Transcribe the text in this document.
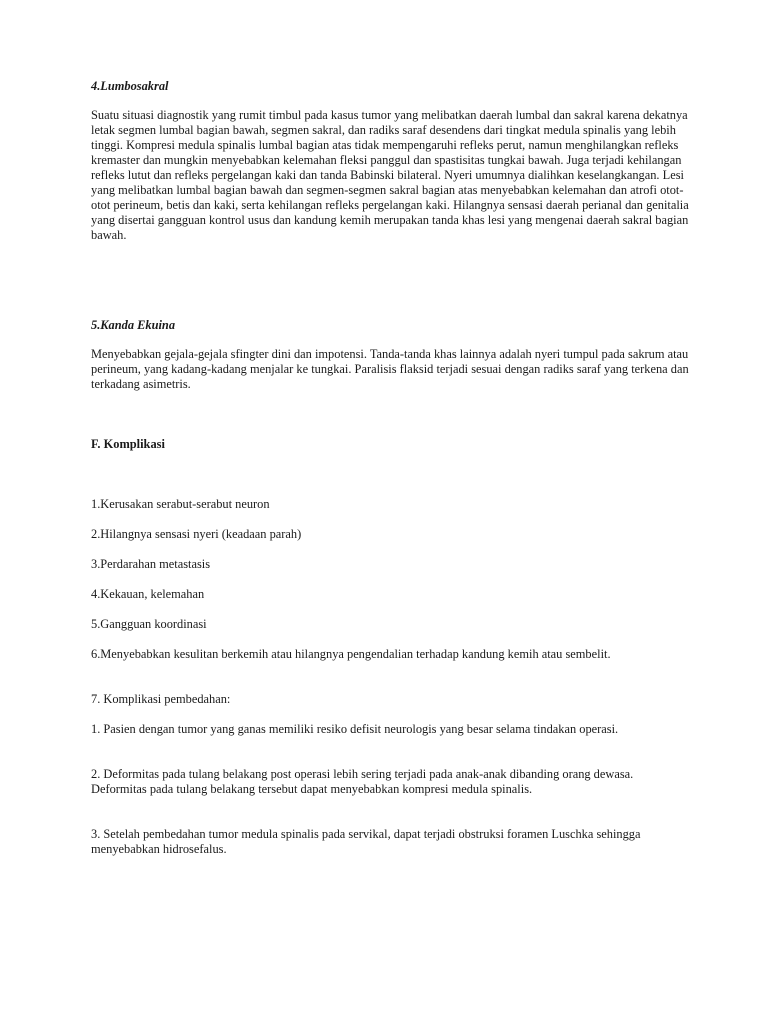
4.Lumbosakral

Suatu situasi diagnostik yang rumit timbul pada kasus tumor yang melibatkan daerah lumbal dan sakral karena dekatnya letak segmen lumbal bagian bawah, segmen sakral, dan radiks saraf desendens dari tingkat medula spinalis yang lebih tinggi. Kompresi medula spinalis lumbal bagian atas tidak mempengaruhi refleks perut, namun menghilangkan refleks kremaster dan mungkin menyebabkan kelemahan fleksi panggul dan spastisitas tungkai bawah. Juga terjadi kehilangan refleks lutut dan refleks pergelangan kaki dan tanda Babinski bilateral. Nyeri umumnya dialihkan keselangkangan. Lesi yang melibatkan lumbal bagian bawah dan segmen-segmen sakral bagian atas menyebabkan kelemahan dan atrofi otot-otot perineum, betis dan kaki, serta kehilangan refleks pergelangan kaki. Hilangnya sensasi daerah perianal dan genitalia yang disertai gangguan kontrol usus dan kandung kemih merupakan tanda khas lesi yang mengenai daerah sakral bagian bawah.

5.Kanda Ekuina

Menyebabkan gejala-gejala sfingter dini dan impotensi. Tanda-tanda khas lainnya adalah nyeri tumpul pada sakrum atau perineum, yang kadang-kadang menjalar ke tungkai. Paralisis flaksid terjadi sesuai dengan radiks saraf yang terkena dan terkadang asimetris.

F. Komplikasi

1.Kerusakan serabut-serabut neuron

2.Hilangnya sensasi nyeri (keadaan parah)

3.Perdarahan metastasis

4.Kekauan, kelemahan

5.Gangguan koordinasi

6.Menyebabkan kesulitan berkemih atau hilangnya pengendalian terhadap kandung kemih atau sembelit.

7. Komplikasi pembedahan:

1. Pasien dengan tumor yang ganas memiliki resiko defisit neurologis yang besar selama tindakan operasi.

2. Deformitas pada tulang belakang post operasi lebih sering terjadi pada anak-anak dibanding orang dewasa. Deformitas pada tulang belakang tersebut dapat menyebabkan kompresi medula spinalis.

3. Setelah pembedahan tumor medula spinalis pada servikal, dapat terjadi obstruksi foramen Luschka sehingga menyebabkan hidrosefalus.
